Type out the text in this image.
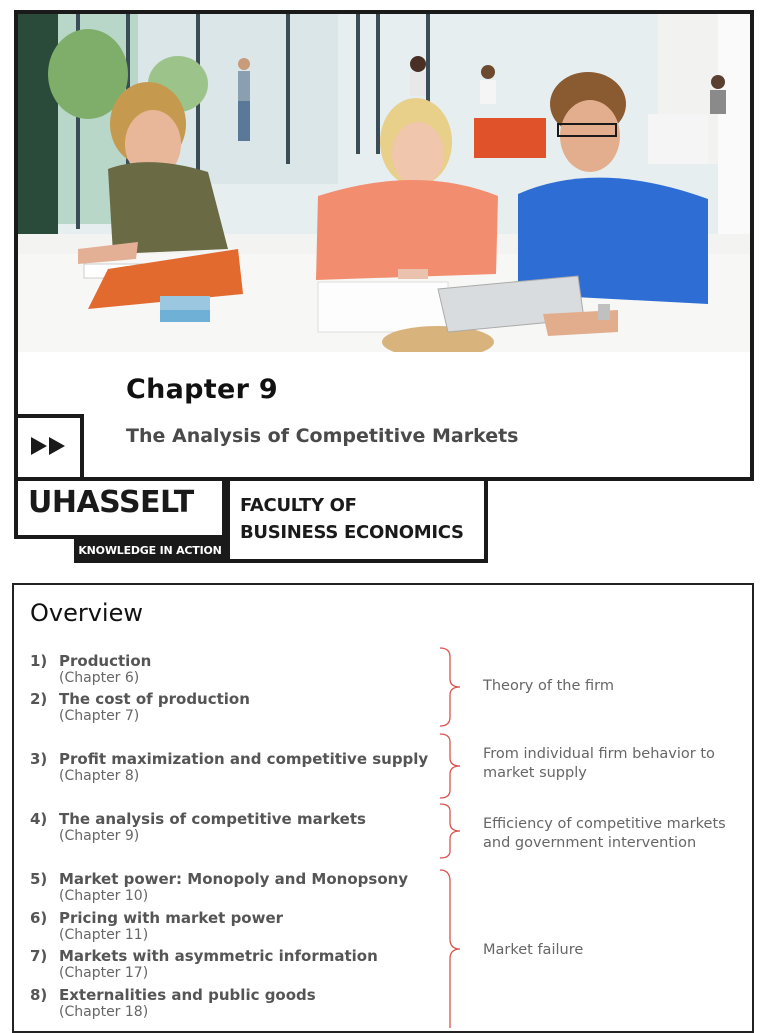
Chapter 9
The Analysis of Competitive Markets
UHASSELT
KNOWLEDGE IN ACTION
FACULTY OF
BUSINESS ECONOMICS
Overview
1) Production
(Chapter 6)
2) The cost of production
(Chapter 7)
3) Profit maximization and competitive supply
(Chapter 8)
4) The analysis of competitive markets
(Chapter 9)
5) Market power: Monopoly and Monopsony
(Chapter 10)
6) Pricing with market power
(Chapter 11)
7) Markets with asymmetric information
(Chapter 17)
8) Externalities and public goods
(Chapter 18)
Theory of the firm
From individual firm behavior to
market supply
Efficiency of competitive markets
and government intervention
Market failure
